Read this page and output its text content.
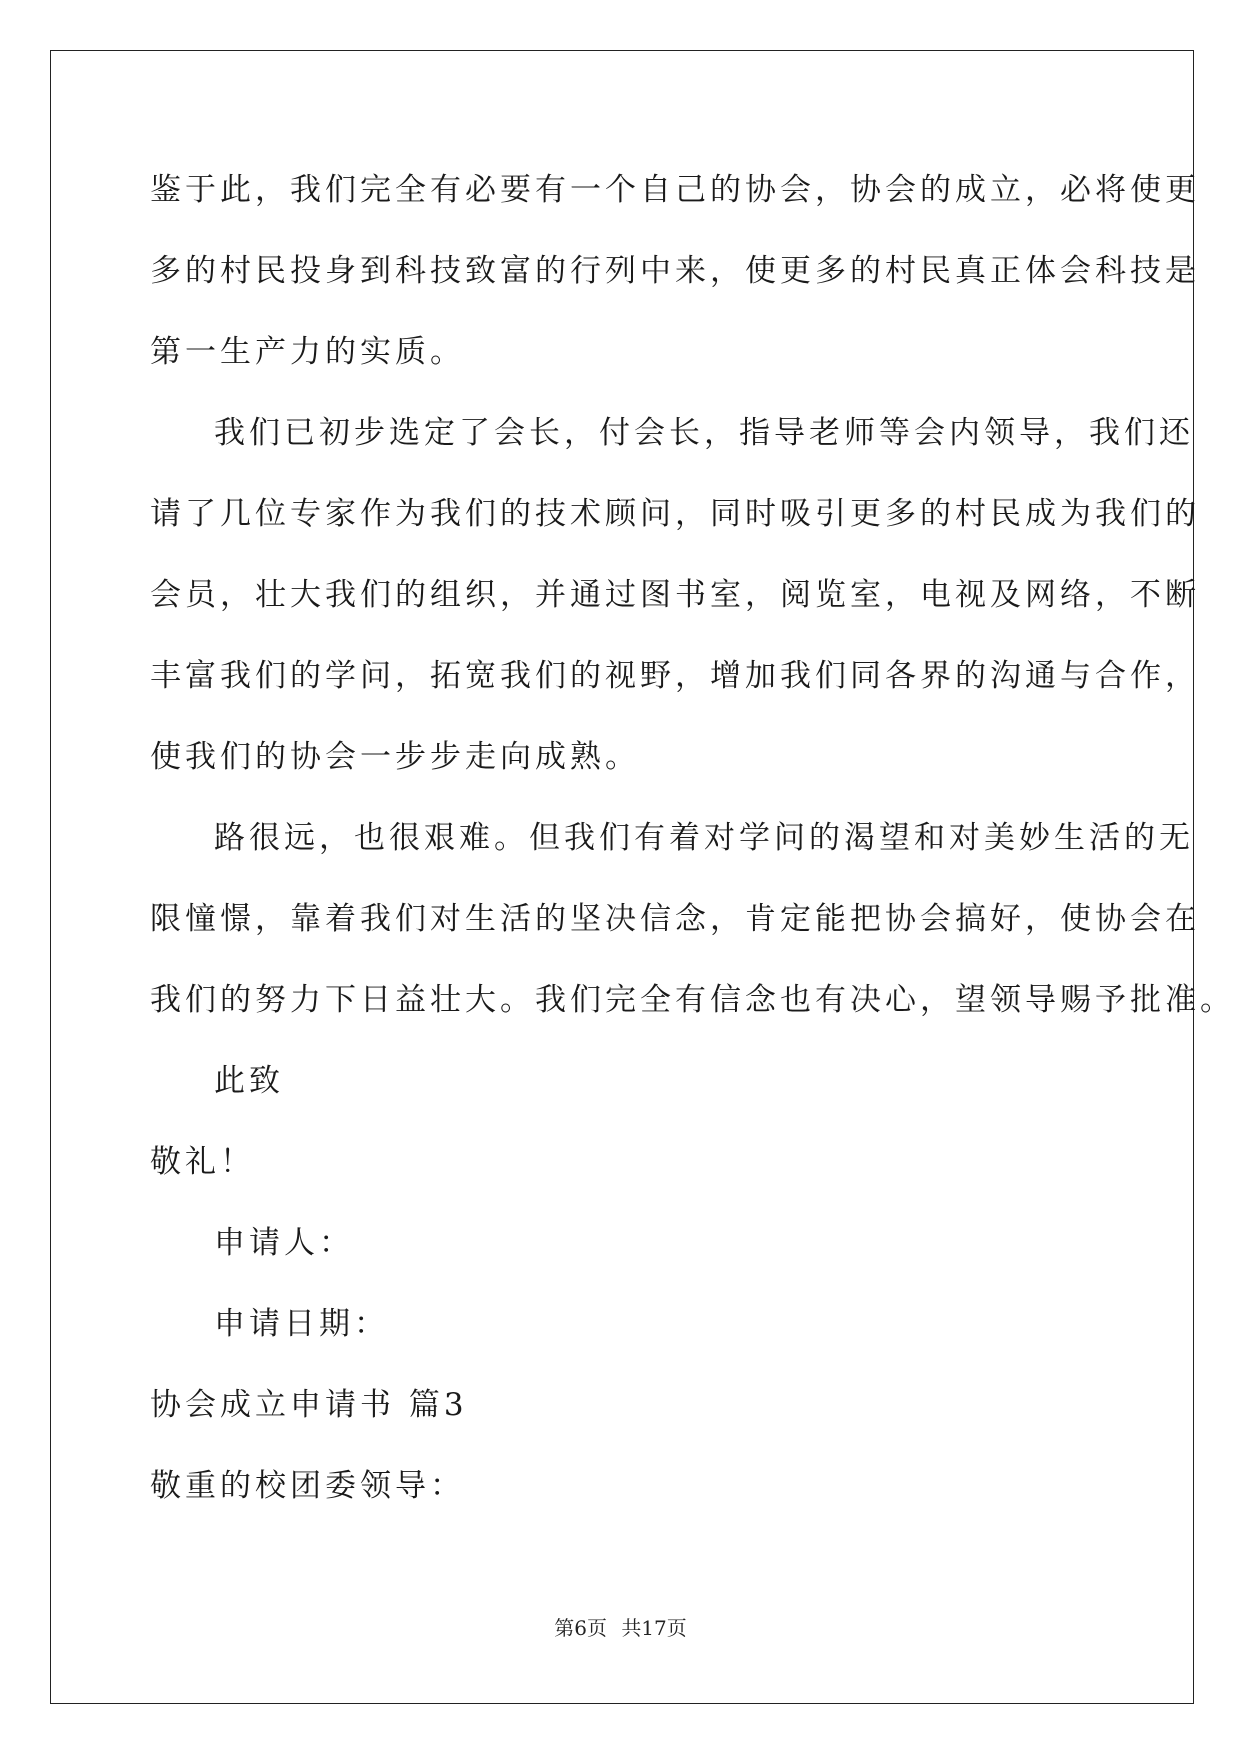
鉴于此，我们完全有必要有一个自己的协会，协会的成立，必将使更

多的村民投身到科技致富的行列中来，使更多的村民真正体会科技是

第一生产力的实质。

我们已初步选定了会长，付会长，指导老师等会内领导，我们还

请了几位专家作为我们的技术顾问，同时吸引更多的村民成为我们的

会员，壮大我们的组织，并通过图书室，阅览室，电视及网络，不断

丰富我们的学问，拓宽我们的视野，增加我们同各界的沟通与合作，

使我们的协会一步步走向成熟。

路很远，也很艰难。但我们有着对学问的渴望和对美妙生活的无

限憧憬，靠着我们对生活的坚决信念，肯定能把协会搞好，使协会在

我们的努力下日益壮大。我们完全有信念也有决心，望领导赐予批准。

此致

敬礼！

申请人：

申请日期：

协会成立申请书 篇3

敬重的校团委领导：

第6页 共17页
